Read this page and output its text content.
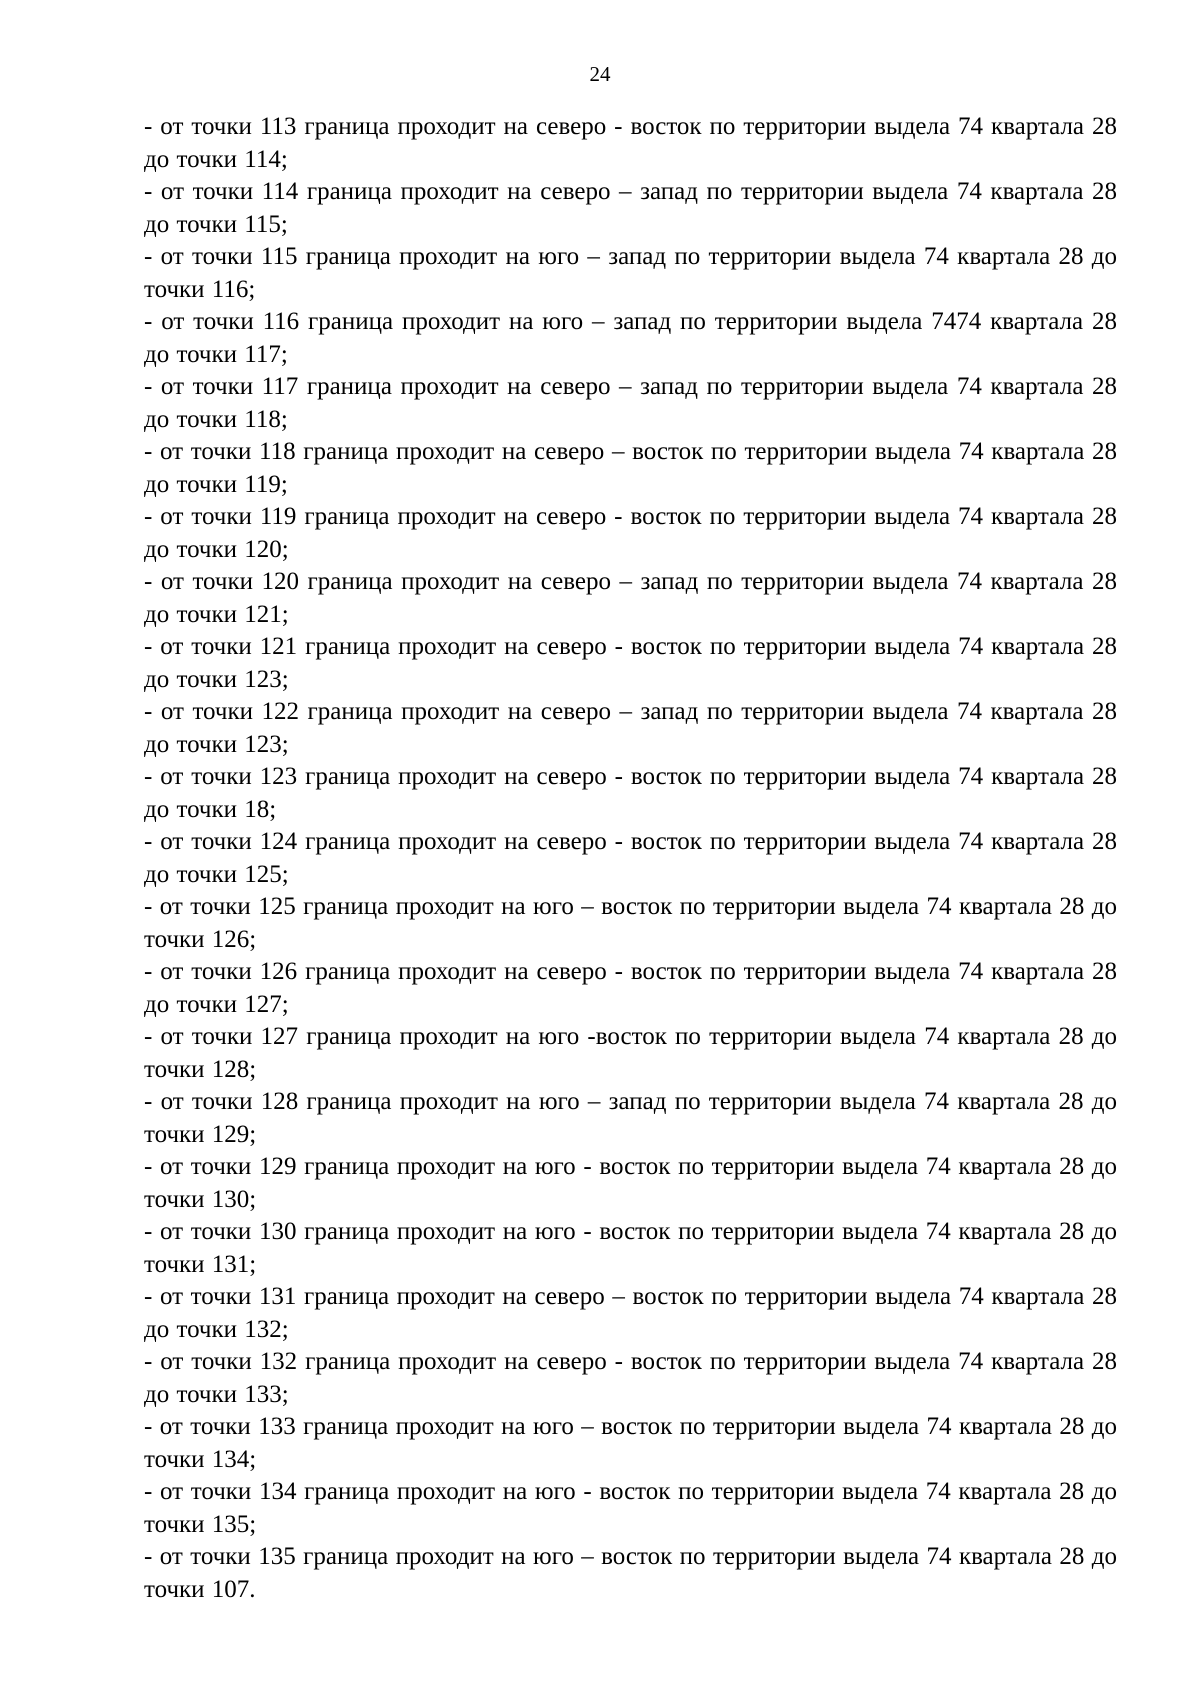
24

- от точки 113 граница проходит на северо - восток по территории выдела 74 квартала 28 до точки 114;

- от точки 114 граница проходит на северо – запад по территории выдела 74 квартала 28 до точки 115;

- от точки 115 граница проходит на юго – запад по территории выдела 74 квартала 28 до точки 116;

- от точки 116 граница проходит на юго – запад по территории выдела 7474 квартала 28 до точки 117;

- от точки 117 граница проходит на северо – запад по территории выдела 74 квартала 28 до точки 118;

- от точки 118 граница проходит на северо – восток по территории выдела 74 квартала 28 до точки 119;

- от точки 119 граница проходит на северо - восток по территории выдела 74 квартала 28 до точки 120;

- от точки 120 граница проходит на северо – запад по территории выдела 74 квартала 28 до точки 121;

- от точки 121 граница проходит на северо - восток по территории выдела 74 квартала 28 до точки 123;

- от точки 122 граница проходит на северо – запад по территории выдела 74 квартала 28 до точки 123;

- от точки 123 граница проходит на северо - восток по территории выдела 74 квартала 28 до точки 18;

- от точки 124 граница проходит на северо - восток по территории выдела 74 квартала 28 до точки 125;

- от точки 125 граница проходит на юго – восток по территории выдела 74 квартала 28 до точки 126;

- от точки 126 граница проходит на северо - восток по территории выдела 74 квартала 28 до точки 127;

- от точки 127 граница проходит на юго -восток по территории выдела 74 квартала 28 до точки 128;

- от точки 128 граница проходит на юго – запад по территории выдела 74 квартала 28 до точки 129;

- от точки 129 граница проходит на юго - восток по территории выдела 74 квартала 28 до точки 130;

- от точки 130 граница проходит на юго - восток по территории выдела 74 квартала 28 до точки 131;

- от точки 131 граница проходит на северо – восток по территории выдела 74 квартала 28 до точки 132;

- от точки 132 граница проходит на северо - восток по территории выдела 74 квартала 28 до точки 133;

- от точки 133 граница проходит на юго – восток по территории выдела 74 квартала 28 до точки 134;

- от точки 134 граница проходит на юго - восток по территории выдела 74 квартала 28 до точки 135;

- от точки 135 граница проходит на юго – восток по территории выдела 74 квартала 28 до точки 107.
